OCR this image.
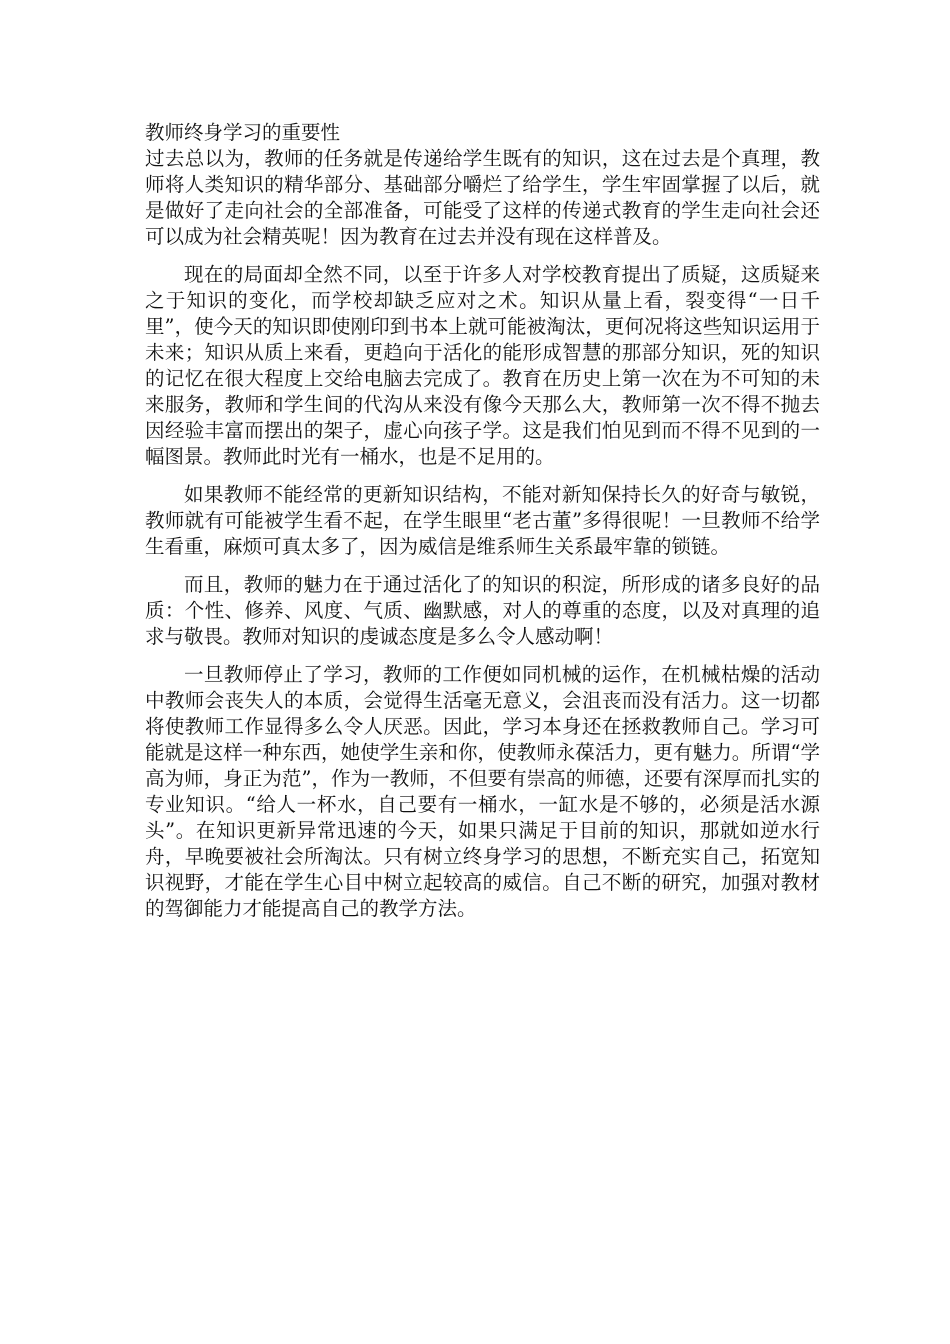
教师终身学习的重要性

过去总以为，教师的任务就是传递给学生既有的知识，这在过去是个真理，教师将人类知识的精华部分、基础部分嚼烂了给学生，学生牢固掌握了以后，就是做好了走向社会的全部准备，可能受了这样的传递式教育的学生走向社会还可以成为社会精英呢！因为教育在过去并没有现在这样普及。

现在的局面却全然不同，以至于许多人对学校教育提出了质疑，这质疑来之于知识的变化，而学校却缺乏应对之术。知识从量上看，裂变得“一日千里”，使今天的知识即使刚印到书本上就可能被淘汰，更何况将这些知识运用于未来；知识从质上来看，更趋向于活化的能形成智慧的那部分知识，死的知识的记忆在很大程度上交给电脑去完成了。教育在历史上第一次在为不可知的未来服务，教师和学生间的代沟从来没有像今天那么大，教师第一次不得不抛去因经验丰富而摆出的架子，虚心向孩子学。这是我们怕见到而不得不见到的一幅图景。教师此时光有一桶水，也是不足用的。

如果教师不能经常的更新知识结构，不能对新知保持长久的好奇与敏锐，教师就有可能被学生看不起，在学生眼里“老古董”多得很呢！一旦教师不给学生看重，麻烦可真太多了，因为威信是维系师生关系最牢靠的锁链。

而且，教师的魅力在于通过活化了的知识的积淀，所形成的诸多良好的品质：个性、修养、风度、气质、幽默感，对人的尊重的态度，以及对真理的追求与敬畏。教师对知识的虔诚态度是多么令人感动啊！

一旦教师停止了学习，教师的工作便如同机械的运作，在机械枯燥的活动中教师会丧失人的本质，会觉得生活毫无意义，会沮丧而没有活力。这一切都将使教师工作显得多么令人厌恶。因此，学习本身还在拯救教师自己。学习可能就是这样一种东西，她使学生亲和你，使教师永葆活力，更有魅力。所谓“学高为师，身正为范”，作为一教师，不但要有崇高的师德，还要有深厚而扎实的专业知识。“给人一杯水，自己要有一桶水，一缸水是不够的，必须是活水源头”。在知识更新异常迅速的今天，如果只满足于目前的知识，那就如逆水行舟，早晚要被社会所淘汰。只有树立终身学习的思想，不断充实自己，拓宽知识视野，才能在学生心目中树立起较高的威信。自己不断的研究，加强对教材的驾御能力才能提高自己的教学方法。
